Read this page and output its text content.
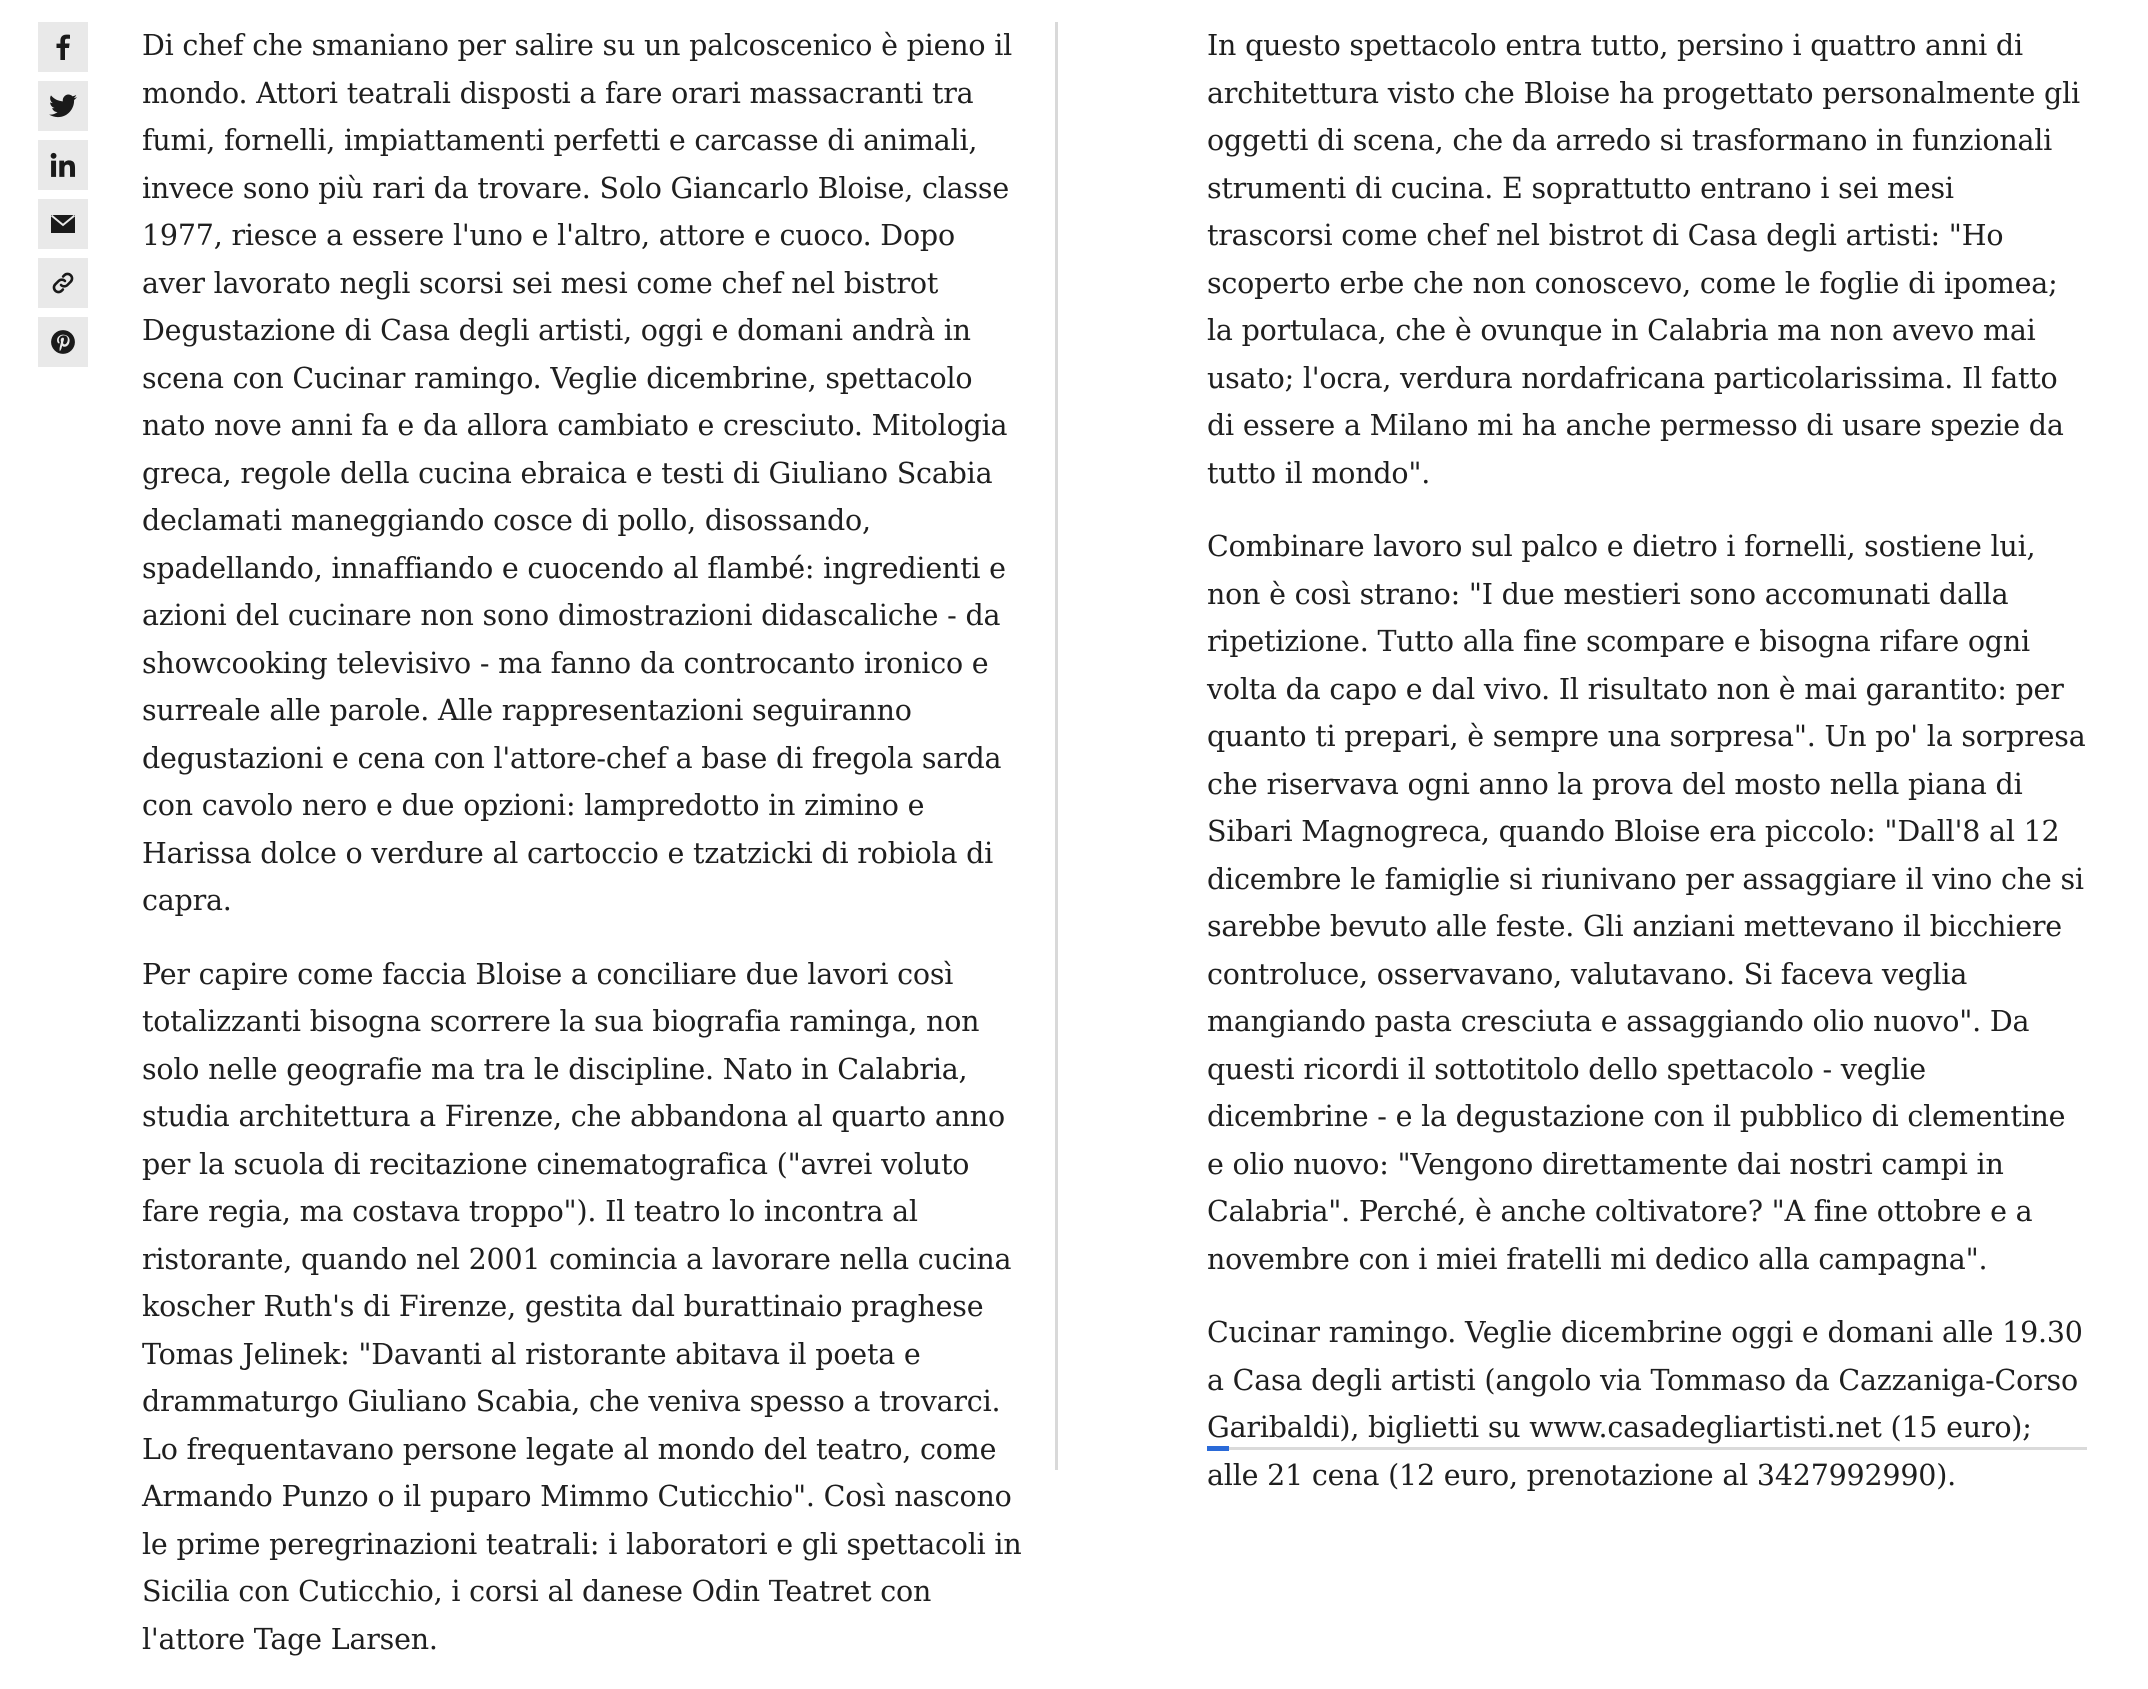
Di chef che smaniano per salire su un palcoscenico è pieno il mondo. Attori teatrali disposti a fare orari massacranti tra fumi, fornelli, impiattamenti perfetti e carcasse di animali, invece sono più rari da trovare. Solo Giancarlo Bloise, classe 1977, riesce a essere l'uno e l'altro, attore e cuoco. Dopo aver lavorato negli scorsi sei mesi come chef nel bistrot Degustazione di Casa degli artisti, oggi e domani andrà in scena con Cucinar ramingo. Veglie dicembrine, spettacolo nato nove anni fa e da allora cambiato e cresciuto. Mitologia greca, regole della cucina ebraica e testi di Giuliano Scabia declamati maneggiando cosce di pollo, disossando, spadellando, innaffiando e cuocendo al flambé: ingredienti e azioni del cucinare non sono dimostrazioni didascaliche - da showcooking televisivo - ma fanno da controcanto ironico e surreale alle parole. Alle rappresentazioni seguiranno degustazioni e cena con l'attore-chef a base di fregola sarda con cavolo nero e due opzioni: lampredotto in zimino e Harissa dolce o verdure al cartoccio e tzatzicki di robiola di capra.

Per capire come faccia Bloise a conciliare due lavori così totalizzanti bisogna scorrere la sua biografia raminga, non solo nelle geografie ma tra le discipline. Nato in Calabria, studia architettura a Firenze, che abbandona al quarto anno per la scuola di recitazione cinematografica ("avrei voluto fare regia, ma costava troppo"). Il teatro lo incontra al ristorante, quando nel 2001 comincia a lavorare nella cucina koscher Ruth's di Firenze, gestita dal burattinaio praghese Tomas Jelinek: "Davanti al ristorante abitava il poeta e drammaturgo Giuliano Scabia, che veniva spesso a trovarci. Lo frequentavano persone legate al mondo del teatro, come Armando Punzo o il puparo Mimmo Cuticchio". Così nascono le prime peregrinazioni teatrali: i laboratori e gli spettacoli in Sicilia con Cuticchio, i corsi al danese Odin Teatret con l'attore Tage Larsen.

In questo spettacolo entra tutto, persino i quattro anni di architettura visto che Bloise ha progettato personalmente gli oggetti di scena, che da arredo si trasformano in funzionali strumenti di cucina. E soprattutto entrano i sei mesi trascorsi come chef nel bistrot di Casa degli artisti: "Ho scoperto erbe che non conoscevo, come le foglie di ipomea; la portulaca, che è ovunque in Calabria ma non avevo mai usato; l'ocra, verdura nordafricana particolarissima. Il fatto di essere a Milano mi ha anche permesso di usare spezie da tutto il mondo".

Combinare lavoro sul palco e dietro i fornelli, sostiene lui, non è così strano: "I due mestieri sono accomunati dalla ripetizione. Tutto alla fine scompare e bisogna rifare ogni volta da capo e dal vivo. Il risultato non è mai garantito: per quanto ti prepari, è sempre una sorpresa". Un po' la sorpresa che riservava ogni anno la prova del mosto nella piana di Sibari Magnogreca, quando Bloise era piccolo: "Dall'8 al 12 dicembre le famiglie si riunivano per assaggiare il vino che si sarebbe bevuto alle feste. Gli anziani mettevano il bicchiere controluce, osservavano, valutavano. Si faceva veglia mangiando pasta cresciuta e assaggiando olio nuovo". Da questi ricordi il sottotitolo dello spettacolo - veglie dicembrine - e la degustazione con il pubblico di clementine e olio nuovo: "Vengono direttamente dai nostri campi in Calabria". Perché, è anche coltivatore? "A fine ottobre e a novembre con i miei fratelli mi dedico alla campagna".

Cucinar ramingo. Veglie dicembrine oggi e domani alle 19.30 a Casa degli artisti (angolo via Tommaso da Cazzaniga-Corso Garibaldi), biglietti su www.casadegliartisti.net (15 euro); alle 21 cena (12 euro, prenotazione al 3427992990).
